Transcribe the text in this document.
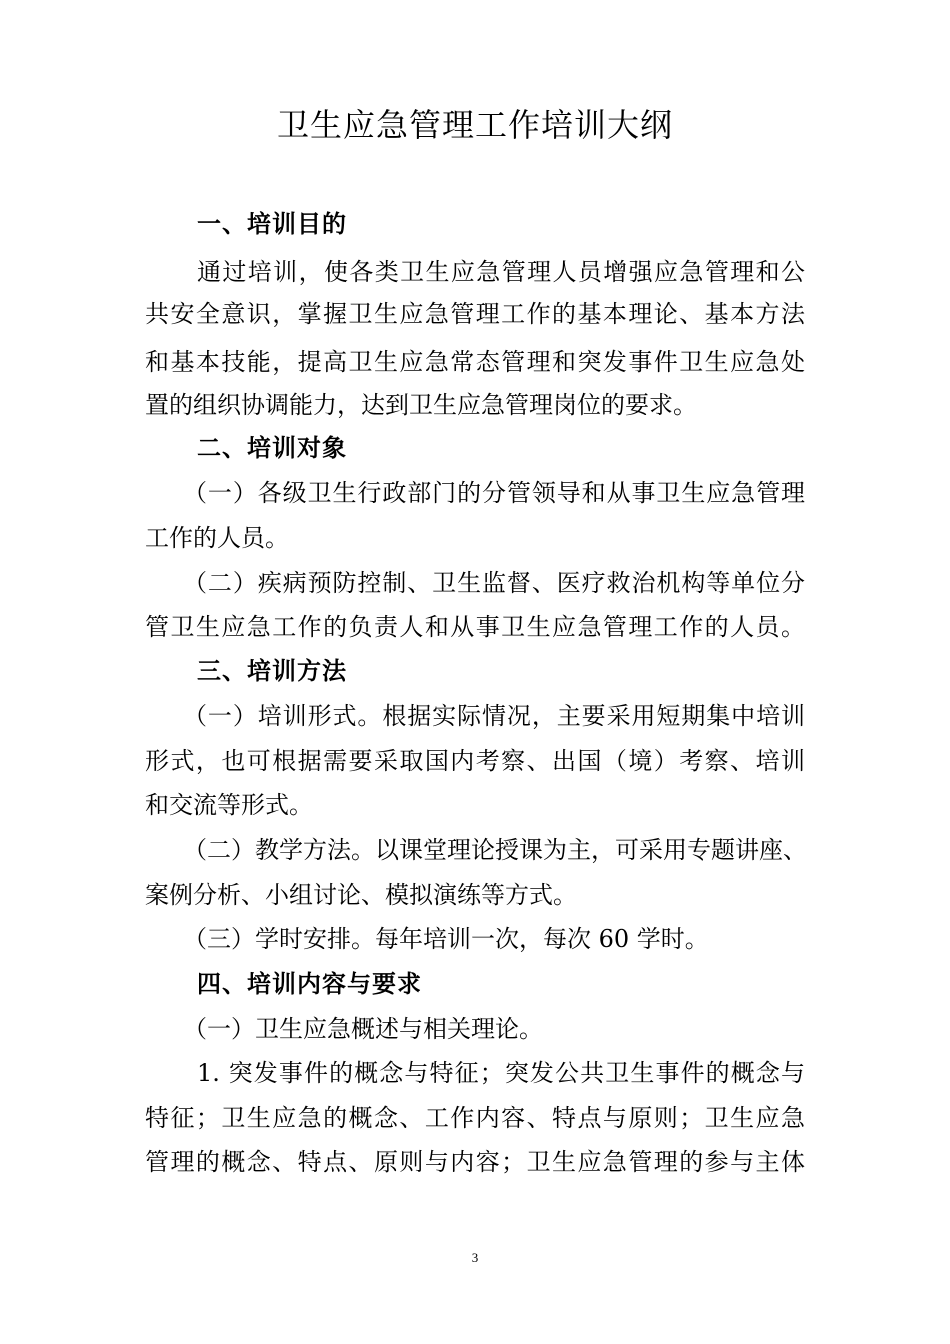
卫生应急管理工作培训大纲
一、培训目的
通过培训，使各类卫生应急管理人员增强应急管理和公
共安全意识，掌握卫生应急管理工作的基本理论、基本方法
和基本技能，提高卫生应急常态管理和突发事件卫生应急处
置的组织协调能力，达到卫生应急管理岗位的要求。
二、培训对象
（一）各级卫生行政部门的分管领导和从事卫生应急管理
工作的人员。
（二）疾病预防控制、卫生监督、医疗救治机构等单位分
管卫生应急工作的负责人和从事卫生应急管理工作的人员。
三、培训方法
（一）培训形式。根据实际情况，主要采用短期集中培训
形式，也可根据需要采取国内考察、出国（境）考察、培训
和交流等形式。
（二）教学方法。以课堂理论授课为主，可采用专题讲座、
案例分析、小组讨论、模拟演练等方式。
（三）学时安排。每年培训一次，每次 60 学时。
四、培训内容与要求
（一）卫生应急概述与相关理论。
1. 突发事件的概念与特征；突发公共卫生事件的概念与
特征；卫生应急的概念、工作内容、特点与原则；卫生应急
管理的概念、特点、原则与内容；卫生应急管理的参与主体
3
